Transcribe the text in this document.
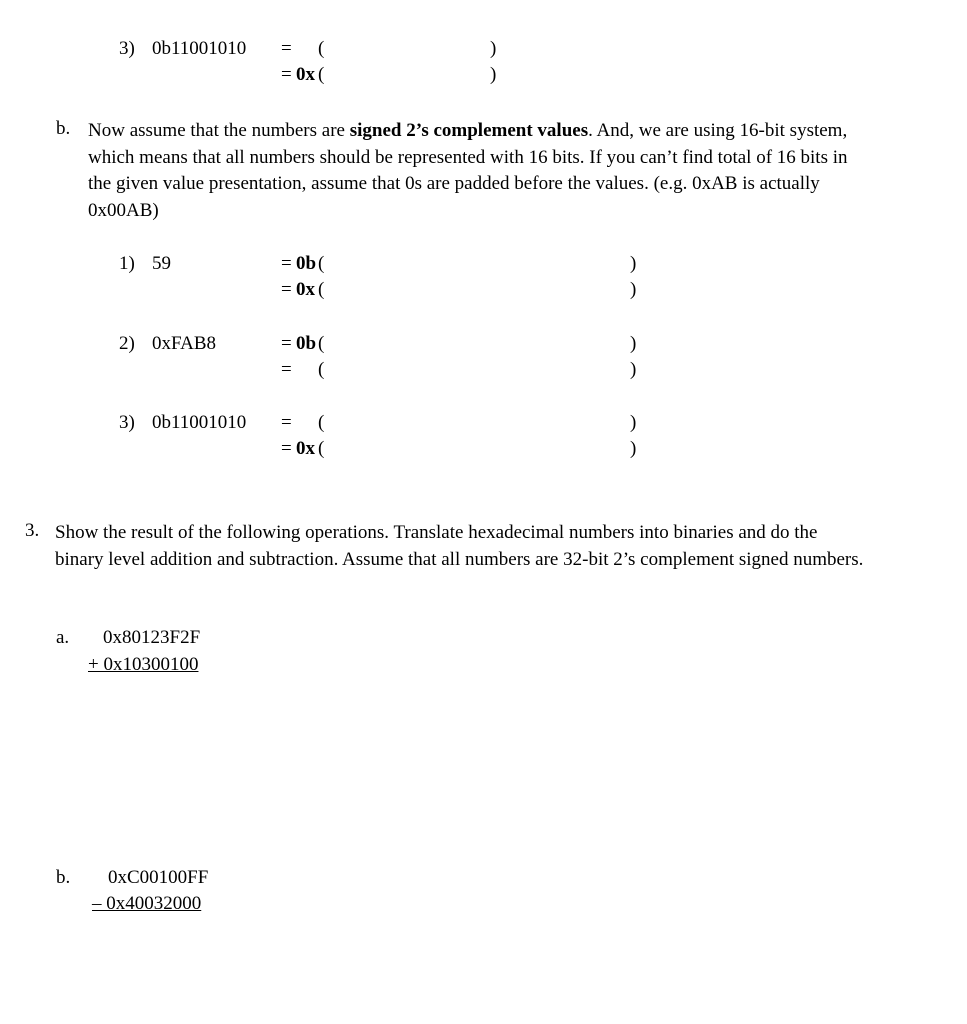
3) 0b11001010 = (	)
= 0x (	)
b. Now assume that the numbers are signed 2’s complement values. And, we are using 16-bit system, which means that all numbers should be represented with 16 bits. If you can’t find total of 16 bits in the given value presentation, assume that 0s are padded before the values. (e.g. 0xAB is actually 0x00AB)
1) 59	= 0b (	)
= 0x (	)
2) 0xFAB8	= 0b (	)
= (	)
3) 0b11001010 = (	)
= 0x (	)
3. Show the result of the following operations. Translate hexadecimal numbers into binaries and do the binary level addition and subtraction. Assume that all numbers are 32-bit 2’s complement signed numbers.
a. 0x80123F2F
+ 0x10300100
b. 0xC00100FF
– 0x40032000
